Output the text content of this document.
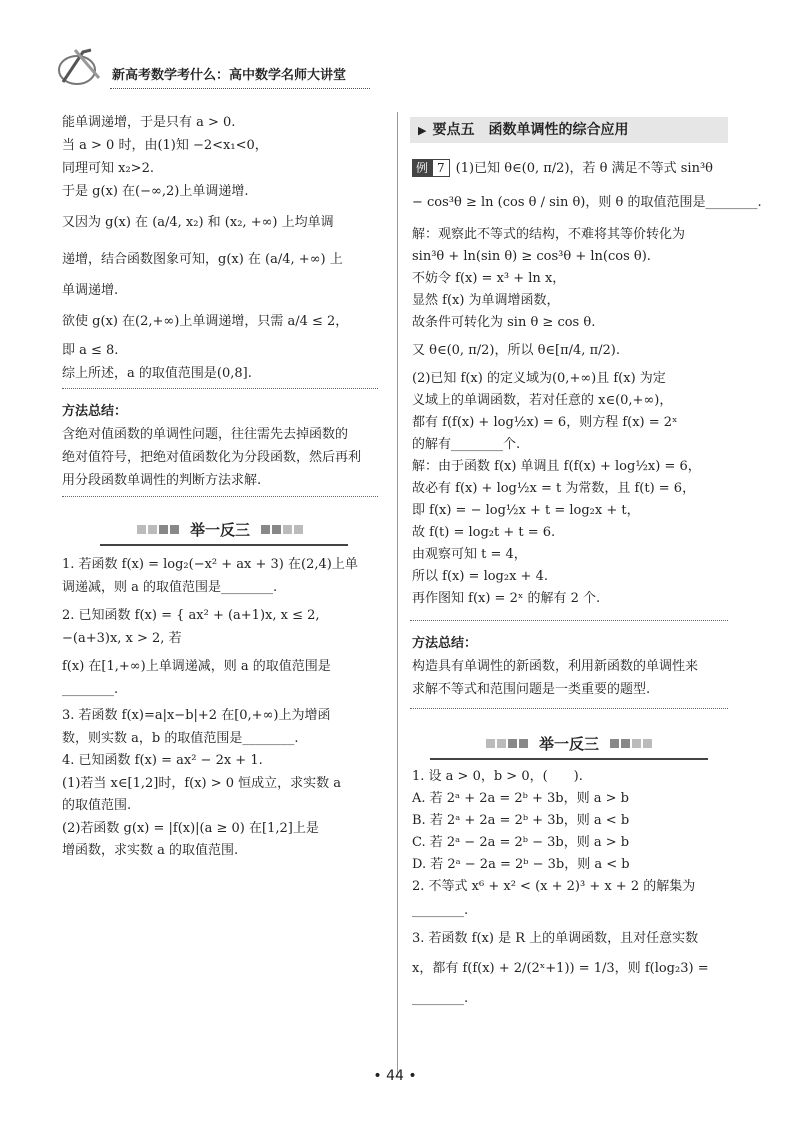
新高考数学考什么：高中数学名师大讲堂

能单调递增，于是只有 a > 0.

当 a > 0 时，由(1)知 −2<x₁<0，

同理可知 x₂>2.

于是 g(x) 在(−∞,2)上单调递增.

又因为 g(x) 在 (a/4, x₂) 和 (x₂, +∞) 上均单调

递增，结合函数图象可知，g(x) 在 (a/4, +∞) 上

单调递增.

欲使 g(x) 在(2,+∞)上单调递增，只需 a/4 ≤ 2，

即 a ≤ 8.

综上所述，a 的取值范围是(0,8].

方法总结：

含绝对值函数的单调性问题，往往需先去掉函数的

绝对值符号，把绝对值函数化为分段函数，然后再利

用分段函数单调性的判断方法求解.

举一反三

1. 若函数 f(x) = log₂(−x² + ax + 3) 在(2,4)上单

调递减，则 a 的取值范围是________.

2. 已知函数 f(x) = { ax² + (a+1)x, x ≤ 2,

−(a+3)x, x > 2, 若

f(x) 在[1,+∞)上单调递减，则 a 的取值范围是

________.

3. 若函数 f(x)=a|x−b|+2 在[0,+∞)上为增函

数，则实数 a，b 的取值范围是________.

4. 已知函数 f(x) = ax² − 2x + 1.

(1)若当 x∈[1,2]时，f(x) > 0 恒成立，求实数 a

的取值范围.

(2)若函数 g(x) = |f(x)|(a ≥ 0) 在[1,2]上是

增函数，求实数 a 的取值范围.

▶ 要点五　函数单调性的综合应用

例 7 (1)已知 θ∈(0, π/2)，若 θ 满足不等式 sin³θ

− cos³θ ≥ ln (cos θ / sin θ)，则 θ 的取值范围是________.

解：观察此不等式的结构，不难将其等价转化为

sin³θ + ln(sin θ) ≥ cos³θ + ln(cos θ).

不妨令 f(x) = x³ + ln x，

显然 f(x) 为单调增函数，

故条件可转化为 sin θ ≥ cos θ.

又 θ∈(0, π/2)，所以 θ∈[π/4, π/2).

(2)已知 f(x) 的定义域为(0,+∞)且 f(x) 为定

义域上的单调函数，若对任意的 x∈(0,+∞)，

都有 f(f(x) + log½x) = 6，则方程 f(x) = 2ˣ

的解有________个.

解：由于函数 f(x) 单调且 f(f(x) + log½x) = 6，

故必有 f(x) + log½x = t 为常数，且 f(t) = 6，

即 f(x) = − log½x + t = log₂x + t，

故 f(t) = log₂t + t = 6.

由观察可知 t = 4，

所以 f(x) = log₂x + 4.

再作图知 f(x) = 2ˣ 的解有 2 个.

方法总结：

构造具有单调性的新函数，利用新函数的单调性来

求解不等式和范围问题是一类重要的题型.

举一反三

1. 设 a > 0，b > 0，(　　).

A. 若 2ᵃ + 2a = 2ᵇ + 3b，则 a > b

B. 若 2ᵃ + 2a = 2ᵇ + 3b，则 a < b

C. 若 2ᵃ − 2a = 2ᵇ − 3b，则 a > b

D. 若 2ᵃ − 2a = 2ᵇ − 3b，则 a < b

2. 不等式 x⁶ + x² < (x + 2)³ + x + 2 的解集为

________.

3. 若函数 f(x) 是 R 上的单调函数，且对任意实数

x，都有 f(f(x) + 2/(2ˣ+1)) = 1/3，则 f(log₂3) =

________.

• 44 •
